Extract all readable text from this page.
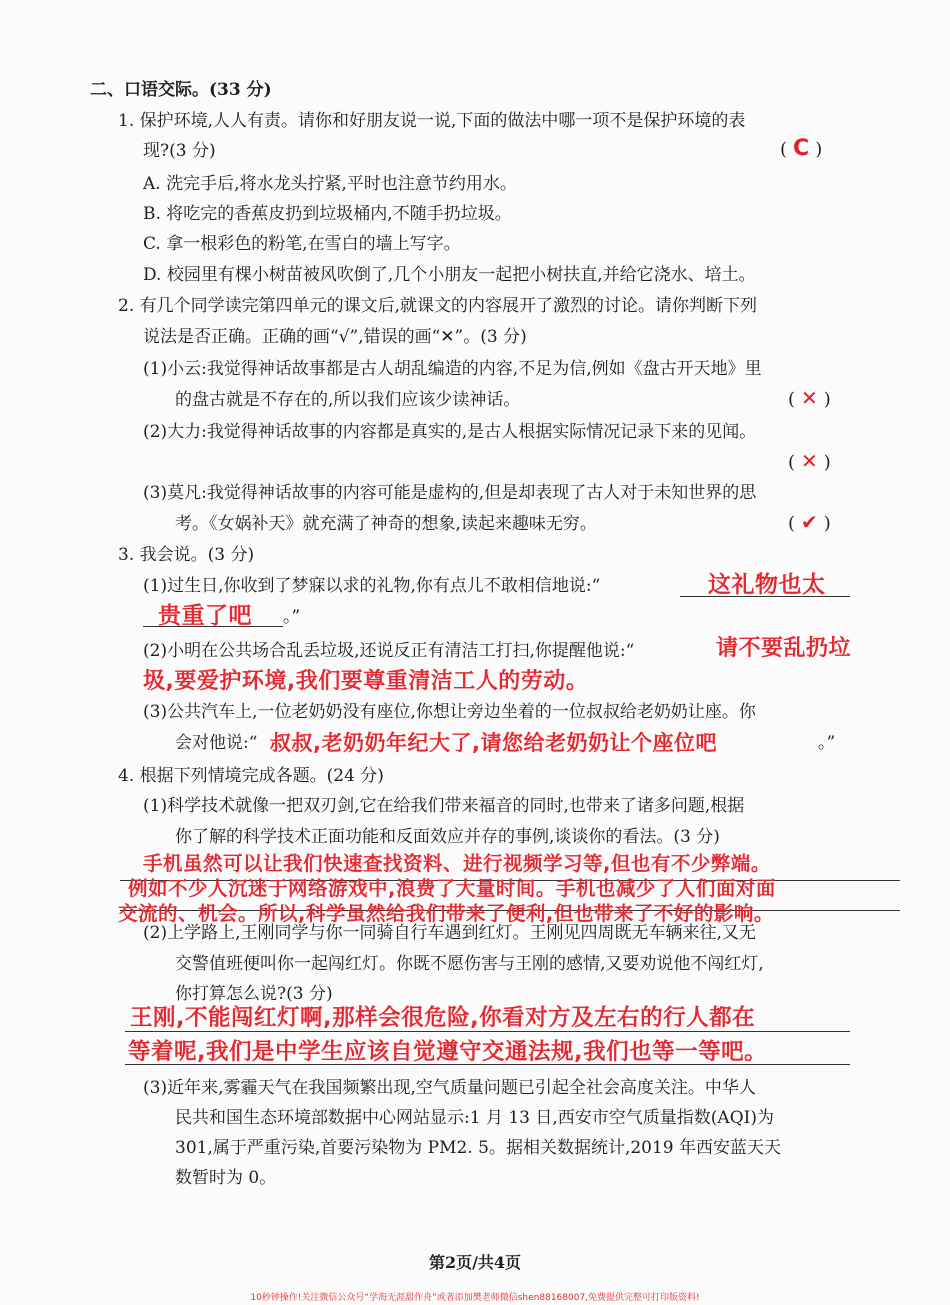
二、口语交际。(33 分)
1. 保护环境,人人有责。请你和好朋友说一说,下面的做法中哪一项不是保护环境的表
现?(3 分)	( C )
A. 洗完手后,将水龙头拧紧,平时也注意节约用水。
B. 将吃完的香蕉皮扔到垃圾桶内,不随手扔垃圾。
C. 拿一根彩色的粉笔,在雪白的墙上写字。
D. 校园里有棵小树苗被风吹倒了,几个小朋友一起把小树扶直,并给它浇水、培土。
2. 有几个同学读完第四单元的课文后,就课文的内容展开了激烈的讨论。请你判断下列
说法是否正确。正确的画“√”,错误的画“✕”。(3 分)
(1)小云:我觉得神话故事都是古人胡乱编造的内容,不足为信,例如《盘古开天地》里
的盘古就是不存在的,所以我们应该少读神话。	( ✕ )
(2)大力:我觉得神话故事的内容都是真实的,是古人根据实际情况记录下来的见闻。
( ✕ )
(3)莫凡:我觉得神话故事的内容可能是虚构的,但是却表现了古人对于未知世界的思
考。《女娲补天》就充满了神奇的想象,读起来趣味无穷。	( ✔ )
3. 我会说。(3 分)
(1)过生日,你收到了梦寐以求的礼物,你有点儿不敢相信地说:“	这礼物也太
贵重了吧 。”
(2)小明在公共场合乱丢垃圾,还说反正有清洁工打扫,你提醒他说:“	请不要乱扔垃
圾,要爱护环境,我们要尊重清洁工人的劳动。
(3)公共汽车上,一位老奶奶没有座位,你想让旁边坐着的一位叔叔给老奶奶让座。你
会对他说:“ 叔叔,老奶奶年纪大了,请您给老奶奶让个座位吧	。”
4. 根据下列情境完成各题。(24 分)
(1)科学技术就像一把双刃剑,它在给我们带来福音的同时,也带来了诸多问题,根据
你了解的科学技术正面功能和反面效应并存的事例,谈谈你的看法。(3 分)
手机虽然可以让我们快速查找资料、进行视频学习等,但也有不少弊端。
例如不少人沉迷于网络游戏中,浪费了大量时间。手机也减少了人们面对面
交流的、机会。所以,科学虽然给我们带来了便利,但也带来了不好的影响。
(2)上学路上,王刚同学与你一同骑自行车遇到红灯。王刚见四周既无车辆来往,又无
交警值班便叫你一起闯红灯。你既不愿伤害与王刚的感情,又要劝说他不闯红灯,
你打算怎么说?(3 分)
王刚,不能闯红灯啊,那样会很危险,你看对方及左右的行人都在
等着呢,我们是中学生应该自觉遵守交通法规,我们也等一等吧。
(3)近年来,雾霾天气在我国频繁出现,空气质量问题已引起全社会高度关注。中华人
民共和国生态环境部数据中心网站显示:1 月 13 日,西安市空气质量指数(AQI)为
301,属于严重污染,首要污染物为 PM2. 5。据相关数据统计,2019 年西安蓝天天
数暂时为 0。
第2页/共4页
10秒钟操作!关注微信公众号“学海无涯甜作舟”或者添加樊老师微信shen88168007,免费提供完整可打印版资料!
